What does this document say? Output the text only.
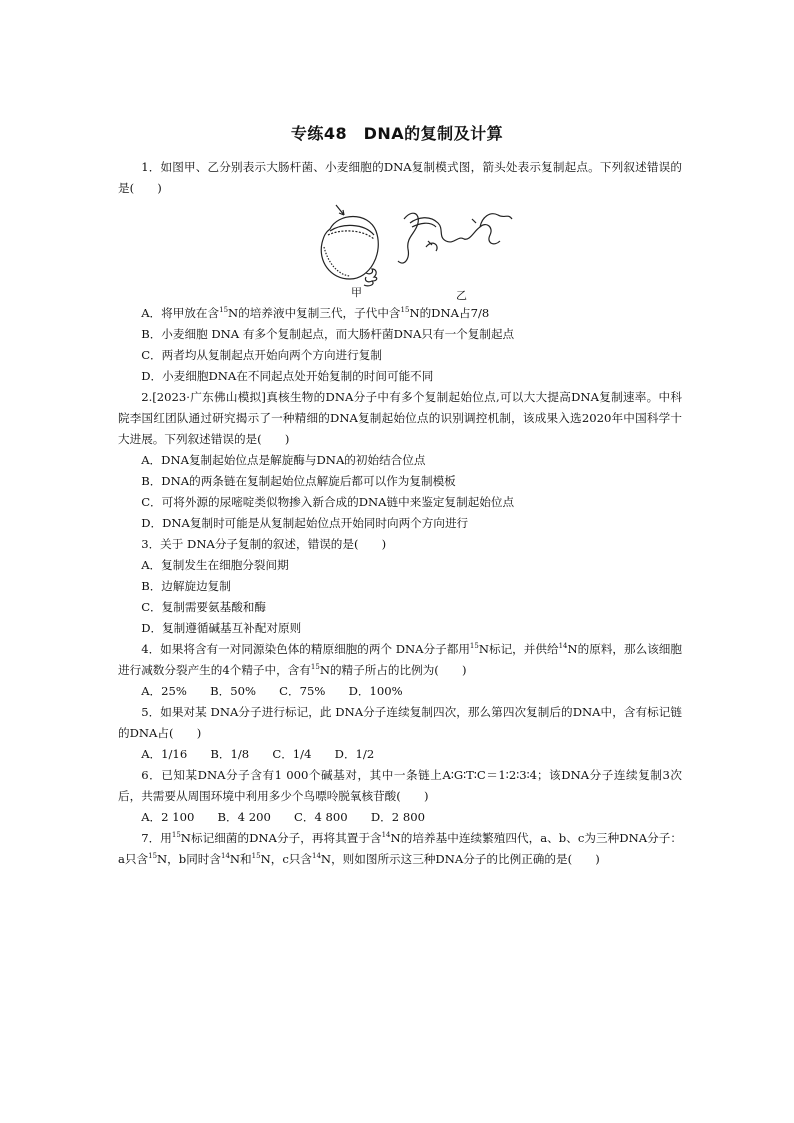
专练48　DNA的复制及计算

1．如图甲、乙分别表示大肠杆菌、小麦细胞的DNA复制模式图，箭头处表示复制起点。下列叙述错误的是(　　)

甲	乙

A．将甲放在含$^{15}$N的培养液中复制三代，子代中含$^{15}$N的DNA占7/8

B．小麦细胞 DNA 有多个复制起点，而大肠杆菌DNA只有一个复制起点

C．两者均从复制起点开始向两个方向进行复制

D．小麦细胞DNA在不同起点处开始复制的时间可能不同

2.[2023·广东佛山模拟]真核生物的DNA分子中有多个复制起始位点,可以大大提高DNA复制速率。中科院李国红团队通过研究揭示了一种精细的DNA复制起始位点的识别调控机制，该成果入选2020年中国科学十大进展。下列叙述错误的是(　　)

A．DNA复制起始位点是解旋酶与DNA的初始结合位点

B．DNA的两条链在复制起始位点解旋后都可以作为复制模板

C．可将外源的尿嘧啶类似物掺入新合成的DNA链中来鉴定复制起始位点

D．DNA复制时可能是从复制起始位点开始同时向两个方向进行

3．关于 DNA分子复制的叙述，错误的是(　　)

A．复制发生在细胞分裂间期

B．边解旋边复制

C．复制需要氨基酸和酶

D．复制遵循碱基互补配对原则

4．如果将含有一对同源染色体的精原细胞的两个 DNA分子都用$^{15}$N标记，并供给$^{14}$N的原料，那么该细胞进行减数分裂产生的4个精子中，含有$^{15}$N的精子所占的比例为(　　)

A．25%　　B．50%　　C．75%　　D．100%

5．如果对某 DNA分子进行标记，此 DNA分子连续复制四次，那么第四次复制后的DNA中，含有标记链的DNA占(　　)

A．1/16　　B．1/8　　C．1/4　　D．1/2

6．已知某DNA分子含有1 000个碱基对，其中一条链上A∶G∶T∶C＝1∶2∶3∶4；该DNA分子连续复制3次后，共需要从周围环境中利用多少个鸟嘌呤脱氧核苷酸(　　)

A．2 100　　B．4 200　　C．4 800　　D．2 800

7．用$^{15}$N标记细菌的DNA分子，再将其置于含$^{14}$N的培养基中连续繁殖四代，a、b、c为三种DNA分子：a只含$^{15}$N，b同时含$^{14}$N和$^{15}$N，c只含$^{14}$N，则如图所示这三种DNA分子的比例正确的是(　　)
